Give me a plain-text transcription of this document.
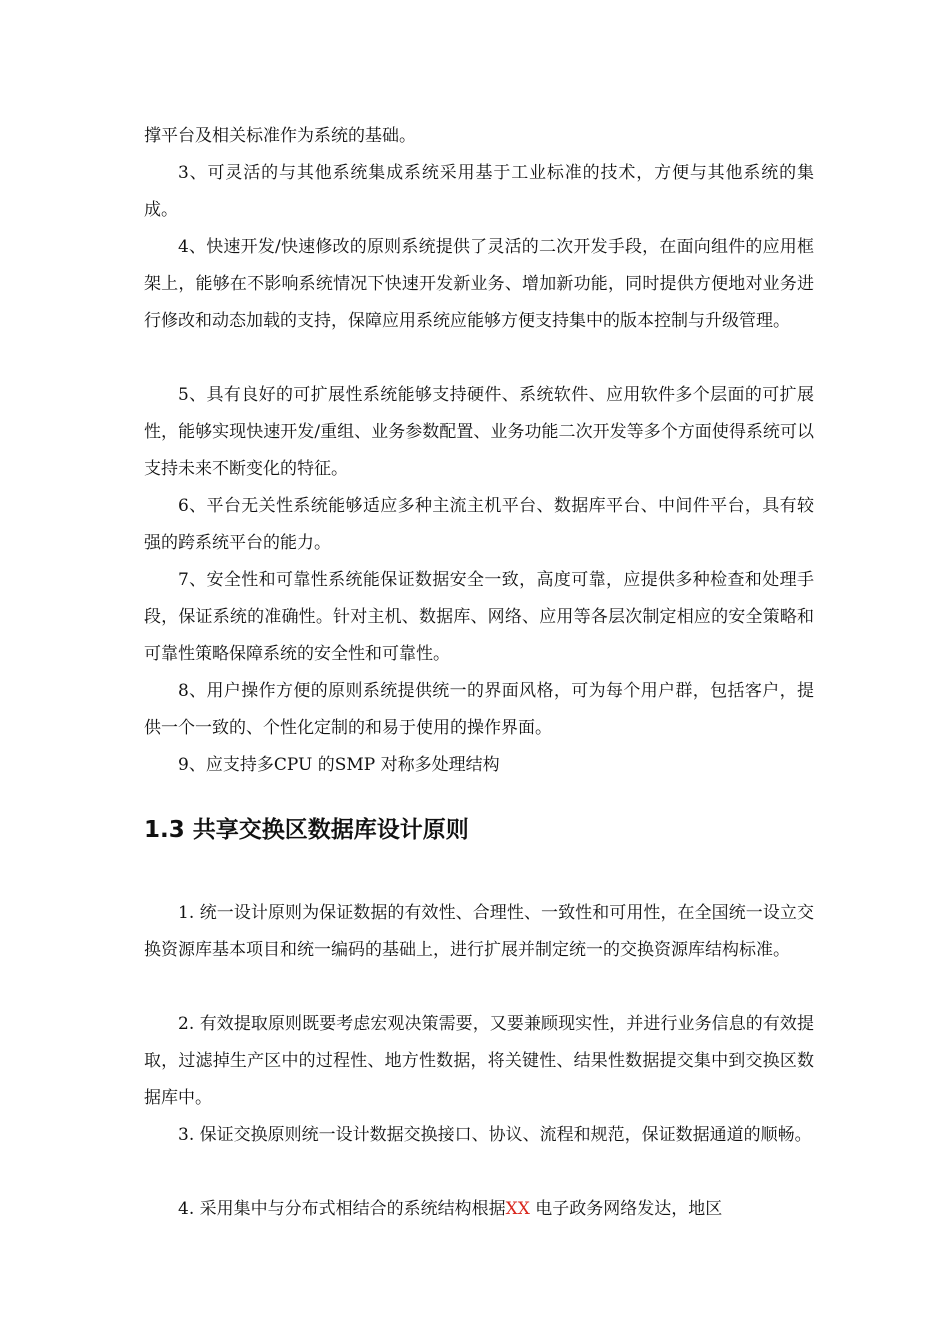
撑平台及相关标准作为系统的基础。

3、可灵活的与其他系统集成系统采用基于工业标准的技术，方便与其他系统的集成。

4、快速开发/快速修改的原则系统提供了灵活的二次开发手段，在面向组件的应用框架上，能够在不影响系统情况下快速开发新业务、增加新功能，同时提供方便地对业务进行修改和动态加载的支持，保障应用系统应能够方便支持集中的版本控制与升级管理。

5、具有良好的可扩展性系统能够支持硬件、系统软件、应用软件多个层面的可扩展性，能够实现快速开发/重组、业务参数配置、业务功能二次开发等多个方面使得系统可以支持未来不断变化的特征。

6、平台无关性系统能够适应多种主流主机平台、数据库平台、中间件平台，具有较强的跨系统平台的能力。

7、安全性和可靠性系统能保证数据安全一致，高度可靠，应提供多种检查和处理手段，保证系统的准确性。针对主机、数据库、网络、应用等各层次制定相应的安全策略和可靠性策略保障系统的安全性和可靠性。

8、用户操作方便的原则系统提供统一的界面风格，可为每个用户群，包括客户，提供一个一致的、个性化定制的和易于使用的操作界面。

9、应支持多CPU 的SMP 对称多处理结构

1.3 共享交换区数据库设计原则

1. 统一设计原则为保证数据的有效性、合理性、一致性和可用性，在全国统一设立交换资源库基本项目和统一编码的基础上，进行扩展并制定统一的交换资源库结构标准。

2. 有效提取原则既要考虑宏观决策需要，又要兼顾现实性，并进行业务信息的有效提取，过滤掉生产区中的过程性、地方性数据，将关键性、结果性数据提交集中到交换区数据库中。

3. 保证交换原则统一设计数据交换接口、协议、流程和规范，保证数据通道的顺畅。

4. 采用集中与分布式相结合的系统结构根据XX 电子政务网络发达，地区
